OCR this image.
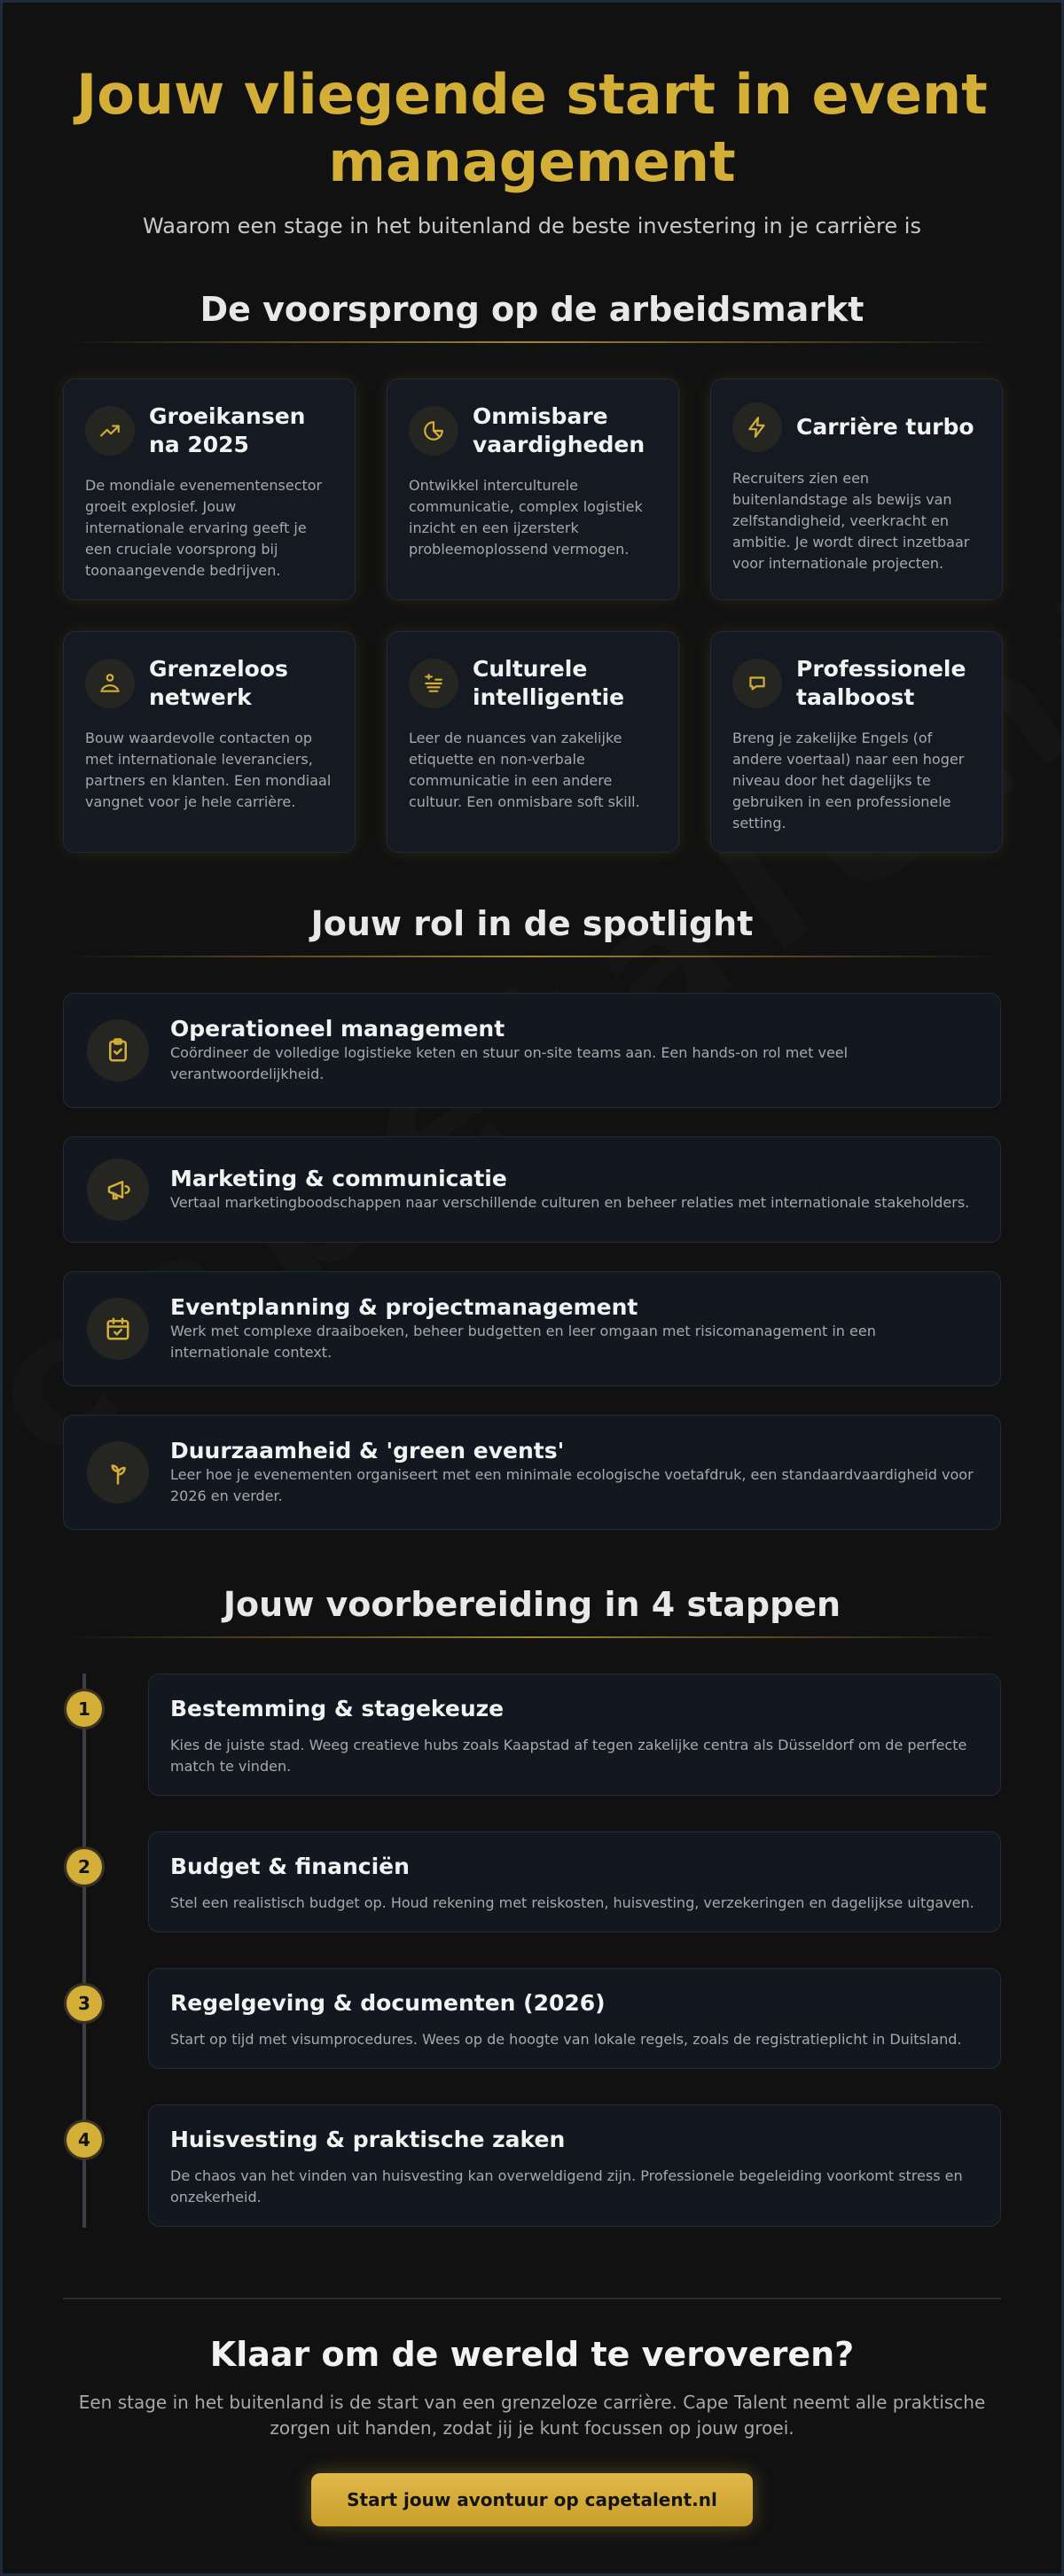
Jouw vliegende start in event management

Waarom een stage in het buitenland de beste investering in je carrière is

De voorsprong op de arbeidsmarkt
Groeikansen na 2025

De mondiale evenementensector groeit explosief. Jouw internationale ervaring geeft je een cruciale voorsprong bij toonaangevende bedrijven.

Onmisbare vaardigheden

Ontwikkel interculturele communicatie, complex logistiek inzicht en een ijzersterk probleemoplossend vermogen.

Carrière turbo

Recruiters zien een buitenlandstage als bewijs van zelfstandigheid, veerkracht en ambitie. Je wordt direct inzetbaar voor internationale projecten.

Grenzeloos netwerk

Bouw waardevolle contacten op met internationale leveranciers, partners en klanten. Een mondiaal vangnet voor je hele carrière.

Culturele intelligentie

Leer de nuances van zakelijke etiquette en non-verbale communicatie in een andere cultuur. Een onmisbare soft skill.

Professionele taalboost

Breng je zakelijke Engels (of andere voertaal) naar een hoger niveau door het dagelijks te gebruiken in een professionele setting.

Jouw rol in de spotlight
Operationeel management

Coördineer de volledige logistieke keten en stuur on-site teams aan. Een hands-on rol met veel verantwoordelijkheid.

Marketing & communicatie

Vertaal marketingboodschappen naar verschillende culturen en beheer relaties met internationale stakeholders.

Eventplanning & projectmanagement

Werk met complexe draaiboeken, beheer budgetten en leer omgaan met risicomanagement in een internationale context.

Duurzaamheid & 'green events'

Leer hoe je evenementen organiseert met een minimale ecologische voetafdruk, een standaardvaardigheid voor 2026 en verder.

Jouw voorbereiding in 4 stappen
1	Bestemming & stagekeuze

Kies de juiste stad. Weeg creatieve hubs zoals Kaapstad af tegen zakelijke centra als Düsseldorf om de perfecte match te vinden.

2	Budget & financiën

Stel een realistisch budget op. Houd rekening met reiskosten, huisvesting, verzekeringen en dagelijkse uitgaven.

3	Regelgeving & documenten (2026)

Start op tijd met visumprocedures. Wees op de hoogte van lokale regels, zoals de registratieplicht in Duitsland.

4	Huisvesting & praktische zaken

De chaos van het vinden van huisvesting kan overweldigend zijn. Professionele begeleiding voorkomt stress en onzekerheid.

Klaar om de wereld te veroveren?

Een stage in het buitenland is de start van een grenzeloze carrière. Cape Talent neemt alle praktische zorgen uit handen, zodat jij je kunt focussen op jouw groei.

Start jouw avontuur op capetalent.nl
